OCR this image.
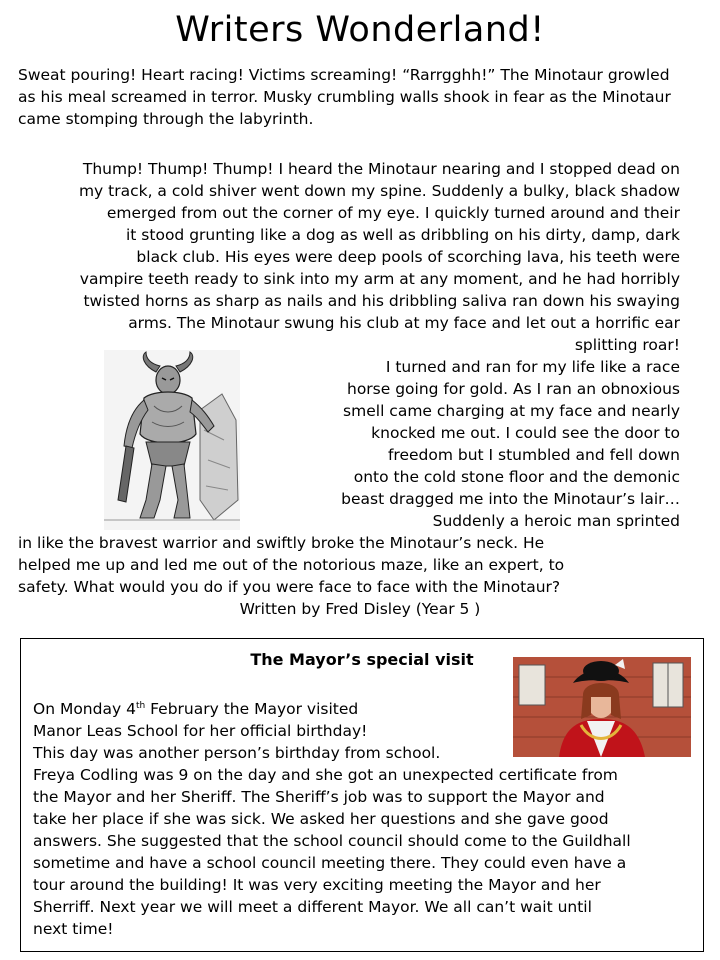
Writers Wonderland!

Sweat pouring! Heart racing! Victims screaming! “Rarrgghh!” The Minotaur growled as his meal screamed in terror. Musky crumbling walls shook in fear as the Minotaur came stomping through the labyrinth.

Thump! Thump! Thump! I heard the Minotaur nearing and I stopped dead on
my track, a cold shiver went down my spine. Suddenly a bulky, black shadow
emerged from out the corner of my eye. I quickly turned around and their
it stood grunting like a dog as well as dribbling on his dirty, damp, dark
black club. His eyes were deep pools of scorching lava, his teeth were
vampire teeth ready to sink into my arm at any moment, and he had horribly
twisted horns as sharp as nails and his dribbling saliva ran down his swaying
arms. The Minotaur swung his club at my face and let out a horrific ear
splitting roar!
I turned and ran for my life like a race
horse going for gold. As I ran an obnoxious
smell came charging at my face and nearly
knocked me out. I could see the door to
freedom but I stumbled and fell down
onto the cold stone floor and the demonic
beast dragged me into the Minotaur’s lair…
Suddenly a heroic man sprinted
in like the bravest warrior and swiftly broke the Minotaur’s neck. He
helped me up and led me out of the notorious maze, like an expert, to
safety. What would you do if you were face to face with the Minotaur?
Written by Fred Disley (Year 5 )
The Mayor’s special visit

On Monday 4th February the Mayor visited

Manor Leas School for her official birthday!

This day was another person’s birthday from school.

Freya Codling was 9 on the day and she got an unexpected certificate from

the Mayor and her Sheriff. The Sheriff’s job was to support the Mayor and

take her place if she was sick. We asked her questions and she gave good

answers. She suggested that the school council should come to the Guildhall

sometime and have a school council meeting there. They could even have a

tour around the building! It was very exciting meeting the Mayor and her

Sherriff. Next year we will meet a different Mayor. We all can’t wait until

next time!
